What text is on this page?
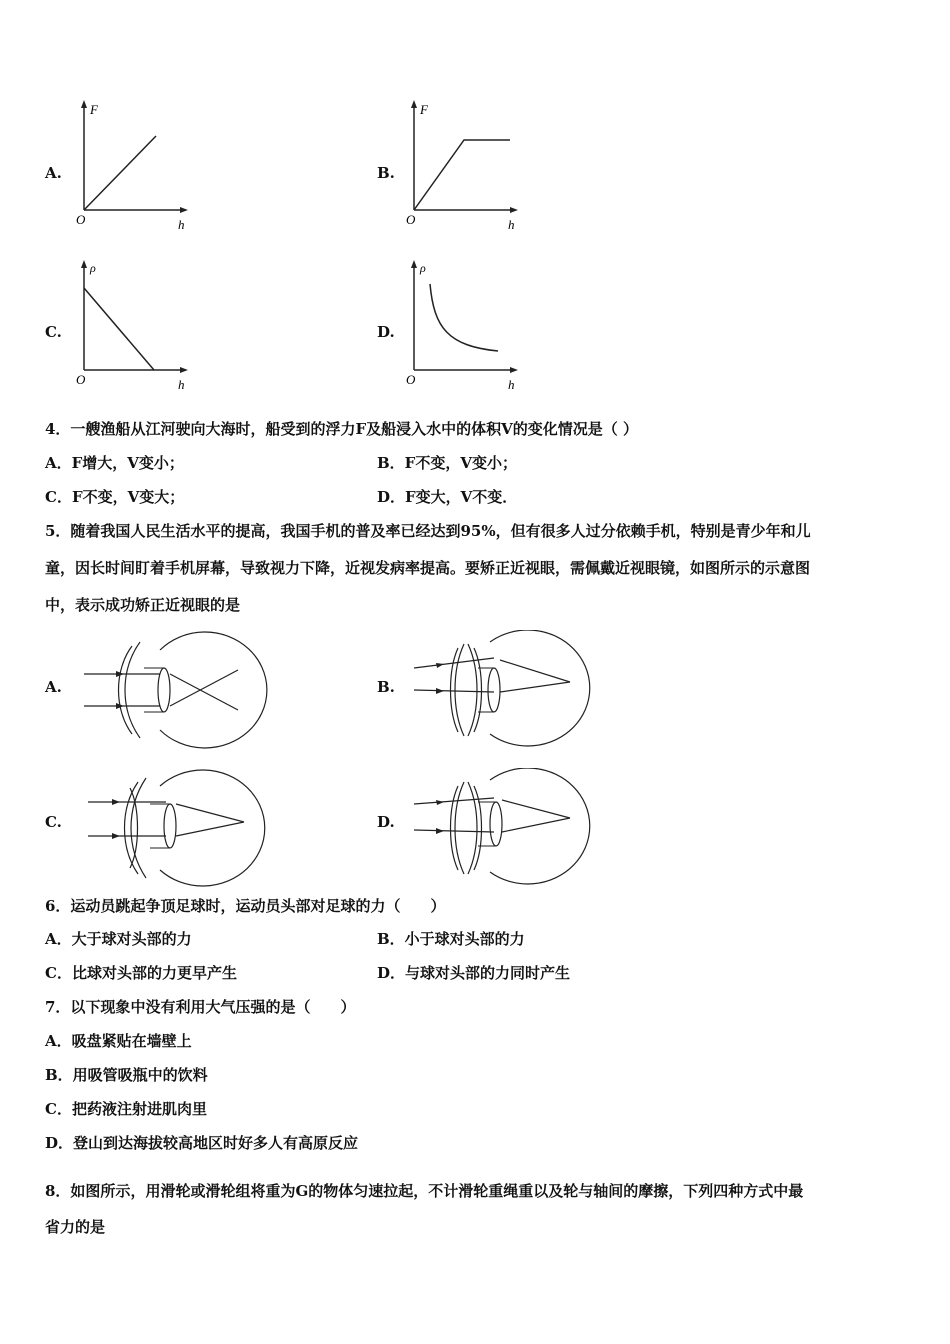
A.
F
O	h
B.
F
O	h
C.
ρ
O	h
D.
ρ
O	h
4．一艘渔船从江河驶向大海时，船受到的浮力F及船浸入水中的体积V的变化情况是（ ）
A．F增大，V变小；	B．F不变，V变小；
C．F不变，V变大；	D．F变大，V不变．
5．随着我国人民生活水平的提高，我国手机的普及率已经达到95%，但有很多人过分依赖手机，特别是青少年和儿
童，因长时间盯着手机屏幕，导致视力下降，近视发病率提高。要矫正近视眼，需佩戴近视眼镜，如图所示的示意图
中，表示成功矫正近视眼的是
A.	B.
C.	D.
6．运动员跳起争顶足球时，运动员头部对足球的力（　　）
A．大于球对头部的力	B．小于球对头部的力
C．比球对头部的力更早产生	D．与球对头部的力同时产生
7．以下现象中没有利用大气压强的是（　　）
A．吸盘紧贴在墙壁上
B．用吸管吸瓶中的饮料
C．把药液注射进肌肉里
D．登山到达海拔较高地区时好多人有高原反应
8．如图所示，用滑轮或滑轮组将重为G的物体匀速拉起，不计滑轮重绳重以及轮与轴间的摩擦，下列四种方式中最
省力的是
